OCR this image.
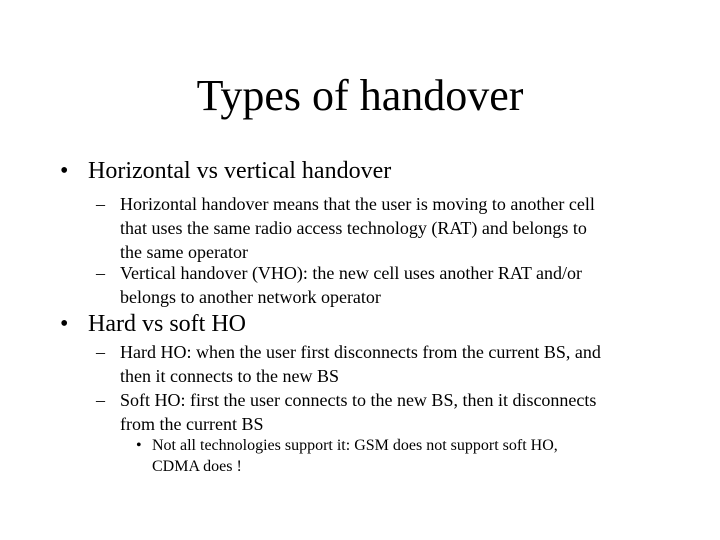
Types of handover
• Horizontal vs vertical handover
– Horizontal handover means that the user is moving to another cell
that uses the same radio access technology (RAT) and belongs to
the same operator
– Vertical handover (VHO): the new cell uses another RAT and/or
belongs to another network operator
• Hard vs soft HO
– Hard HO: when the user first disconnects from the current BS, and
then it connects to the new BS
– Soft HO: first the user connects to the new BS, then it disconnects
from the current BS
• Not all technologies support it: GSM does not support soft HO,
CDMA does !
